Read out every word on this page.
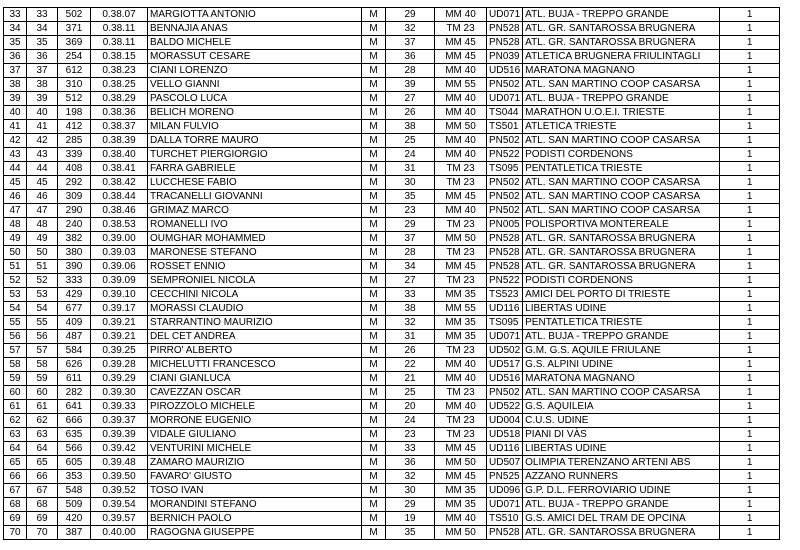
33	33	502	0.38.07	MARGIOTTA ANTONIO	M	29	MM 40	UD071	ATL. BUJA - TREPPO GRANDE	1
34	34	371	0.38.11	BENNAJIA ANAS	M	32	TM 23	PN528	ATL. GR. SANTAROSSA BRUGNERA	1
35	35	369	0.38.11	BALDO MICHELE	M	37	MM 45	PN528	ATL. GR. SANTAROSSA BRUGNERA	1
36	36	254	0.38.15	MORASSUT CESARE	M	36	MM 45	PN039	ATLETICA BRUGNERA FRIULINTAGLI	1
37	37	612	0.38.23	CIANI LORENZO	M	28	MM 40	UD516	MARATONA MAGNANO	1
38	38	310	0.38.25	VELLO GIANNI	M	39	MM 55	PN502	ATL. SAN MARTINO COOP CASARSA	1
39	39	512	0.38.29	PASCOLO LUCA	M	27	MM 40	UD071	ATL. BUJA - TREPPO GRANDE	1
40	40	198	0.38.36	BELICH MORENO	M	26	MM 40	TS044	MARATHON U.O.E.I. TRIESTE	1
41	41	412	0.38.37	MILAN FULVIO	M	38	MM 50	TS501	ATLETICA TRIESTE	1
42	42	285	0.38.39	DALLA TORRE MAURO	M	25	MM 40	PN502	ATL. SAN MARTINO COOP CASARSA	1
43	43	339	0.38.40	TURCHET PIERGIORGIO	M	24	MM 40	PN522	PODISTI CORDENONS	1
44	44	408	0.38.41	FARRA GABRIELE	M	31	TM 23	TS095	PENTATLETICA TRIESTE	1
45	45	292	0.38.42	LUCCHESE FABIO	M	30	TM 23	PN502	ATL. SAN MARTINO COOP CASARSA	1
46	46	309	0.38.44	TRACANELLI GIOVANNI	M	35	MM 45	PN502	ATL. SAN MARTINO COOP CASARSA	1
47	47	290	0.38.46	GRIMAZ MARCO	M	23	MM 40	PN502	ATL. SAN MARTINO COOP CASARSA	1
48	48	240	0.38.53	ROMANELLI IVO	M	29	TM 23	PN005	POLISPORTIVA MONTEREALE	1
49	49	382	0.39.00	OUMGHAR MOHAMMED	M	37	MM 50	PN528	ATL. GR. SANTAROSSA BRUGNERA	1
50	50	380	0.39.03	MARONESE STEFANO	M	28	TM 23	PN528	ATL. GR. SANTAROSSA BRUGNERA	1
51	51	390	0.39.06	ROSSET ENNIO	M	34	MM 45	PN528	ATL. GR. SANTAROSSA BRUGNERA	1
52	52	333	0.39.09	SEMPRONIEL NICOLA	M	27	TM 23	PN522	PODISTI CORDENONS	1
53	53	429	0.39.10	CECCHINI NICOLA	M	33	MM 35	TS523	AMICI DEL PORTO DI TRIESTE	1
54	54	677	0.39.17	MORASSI CLAUDIO	M	38	MM 55	UD116	LIBERTAS UDINE	1
55	55	409	0.39.21	STARRANTINO MAURIZIO	M	32	MM 35	TS095	PENTATLETICA TRIESTE	1
56	56	487	0.39.21	DEL CET ANDREA	M	31	MM 35	UD071	ATL. BUJA - TREPPO GRANDE	1
57	57	584	0.39.25	PIRRO' ALBERTO	M	26	TM 23	UD502	G.M. G.S. AQUILE FRIULANE	1
58	58	626	0.39.28	MICHELUTTI FRANCESCO	M	22	MM 40	UD517	G.S. ALPINI UDINE	1
59	59	611	0.39.29	CIANI GIANLUCA	M	21	MM 40	UD516	MARATONA MAGNANO	1
60	60	282	0.39.30	CAVEZZAN OSCAR	M	25	TM 23	PN502	ATL. SAN MARTINO COOP CASARSA	1
61	61	641	0.39.33	PIROZZOLO MICHELE	M	20	MM 40	UD522	G.S. AQUILEIA	1
62	62	666	0.39.37	MORRONE EUGENIO	M	24	TM 23	UD004	C.U.S. UDINE	1
63	63	635	0.39.39	VIDALE GIULIANO	M	23	TM 23	UD518	PIANI DI VÀS	1
64	64	566	0.39.42	VENTURINI MICHELE	M	33	MM 45	UD116	LIBERTAS UDINE	1
65	65	605	0.39.48	ZAMARO MAURIZIO	M	36	MM 50	UD507	OLIMPIA TERENZANO ARTENI ABS	1
66	66	353	0.39.50	FAVARO' GIUSTO	M	32	MM 45	PN525	AZZANO RUNNERS	1
67	67	548	0.39.52	TOSO IVAN	M	30	MM 35	UD096	G.P. D.L. FERROVIARIO UDINE	1
68	68	509	0.39.54	MORANDINI STEFANO	M	29	MM 35	UD071	ATL. BUJA - TREPPO GRANDE	1
69	69	420	0.39.57	BERNICH PAOLO	M	19	MM 40	TS510	G.S. AMICI DEL TRAM DE OPCINA	1
70	70	387	0.40.00	RAGOGNA GIUSEPPE	M	35	MM 50	PN528	ATL. GR. SANTAROSSA BRUGNERA	1
